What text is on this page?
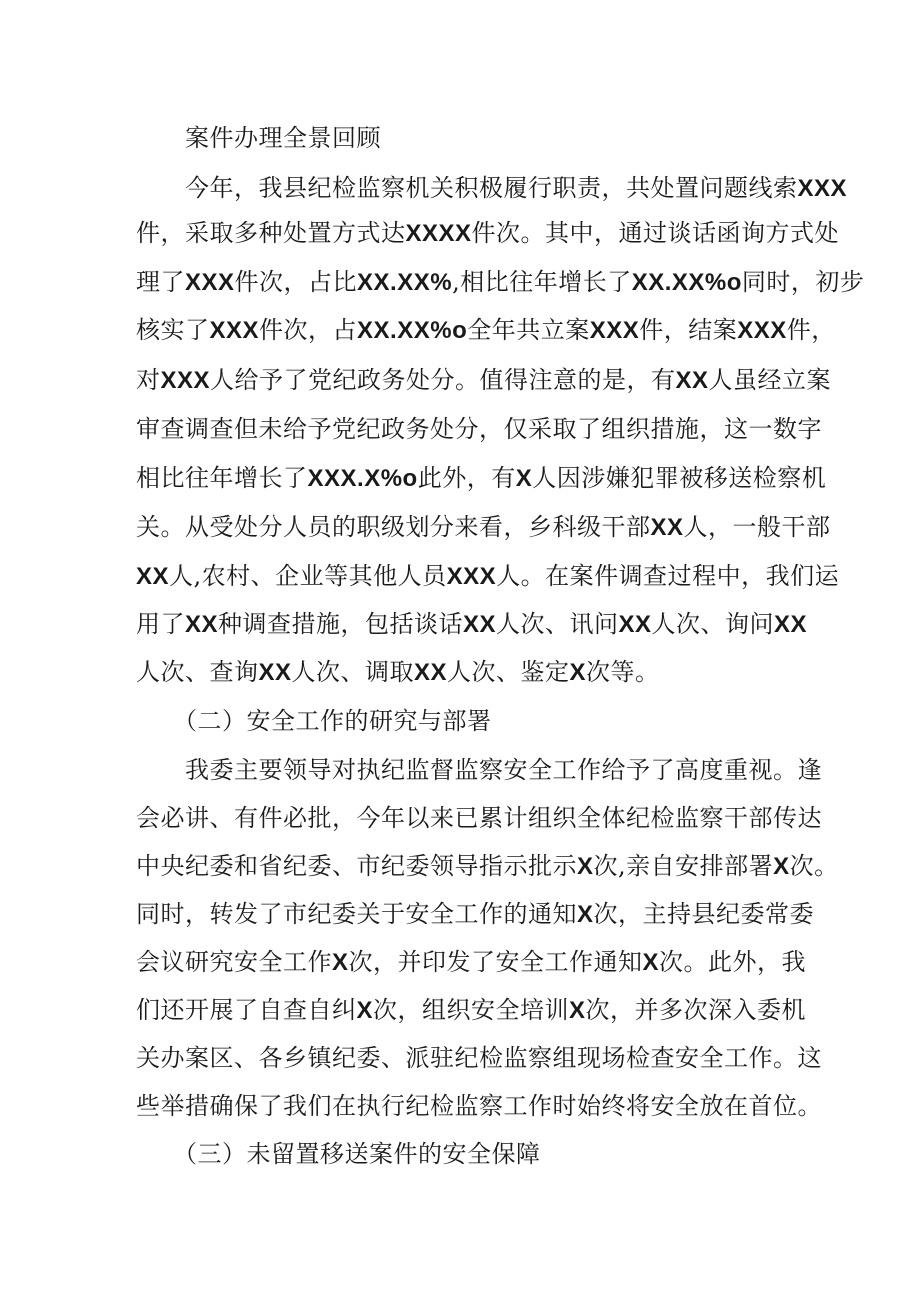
　　案件办理全景回顾
　　今年，我县纪检监察机关积极履行职责，共处置问题线索XXX
件，采取多种处置方式达XXXX件次。其中，通过谈话函询方式处
理了XXX件次，占比XX.XX%,相比往年增长了XX.XX%o同时，初步
核实了XXX件次，占XX.XX%o全年共立案XXX件，结案XXX件，
对XXX人给予了党纪政务处分。值得注意的是，有XX人虽经立案
审查调查但未给予党纪政务处分，仅采取了组织措施，这一数字
相比往年增长了XXX.X%o此外，有X人因涉嫌犯罪被移送检察机
关。从受处分人员的职级划分来看，乡科级干部XX人，一般干部
XX人,农村、企业等其他人员XXX人。在案件调查过程中，我们运
用了XX种调查措施，包括谈话XX人次、讯问XX人次、询问XX
人次、查询XX人次、调取XX人次、鉴定X次等。
　　（二）安全工作的研究与部署
　　我委主要领导对执纪监督监察安全工作给予了高度重视。逢
会必讲、有件必批，今年以来已累计组织全体纪检监察干部传达
中央纪委和省纪委、市纪委领导指示批示X次,亲自安排部署X次。
同时，转发了市纪委关于安全工作的通知X次，主持县纪委常委
会议研究安全工作X次，并印发了安全工作通知X次。此外，我
们还开展了自查自纠X次，组织安全培训X次，并多次深入委机
关办案区、各乡镇纪委、派驻纪检监察组现场检查安全工作。这
些举措确保了我们在执行纪检监察工作时始终将安全放在首位。
　　（三）未留置移送案件的安全保障
